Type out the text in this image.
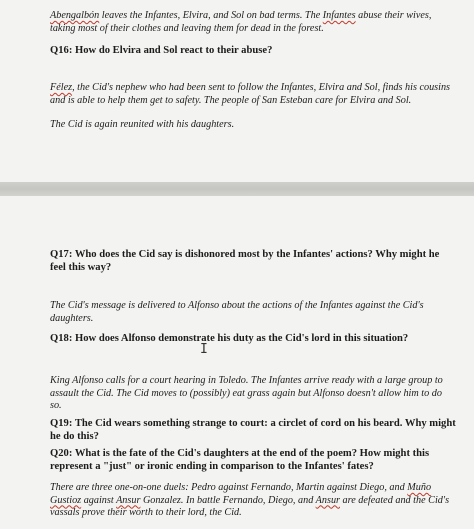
Abengalbón leaves the Infantes, Elvira, and Sol on bad terms. The Infantes abuse their wives, taking most of their clothes and leaving them for dead in the forest.
Q16: How do Elvira and Sol react to their abuse?
Félez, the Cid's nephew who had been sent to follow the Infantes, Elvira and Sol, finds his cousins and is able to help them get to safety. The people of San Esteban care for Elvira and Sol.
The Cid is again reunited with his daughters.
Q17: Who does the Cid say is dishonored most by the Infantes' actions? Why might he feel this way?
The Cid's message is delivered to Alfonso about the actions of the Infantes against the Cid's daughters.
Q18: How does Alfonso demonstrate his duty as the Cid's lord in this situation?
King Alfonso calls for a court hearing in Toledo. The Infantes arrive ready with a large group to assault the Cid. The Cid moves to (possibly) eat grass again but Alfonso doesn't allow him to do so.
Q19: The Cid wears something strange to court: a circlet of cord on his beard. Why might he do this?
Q20: What is the fate of the Cid's daughters at the end of the poem? How might this represent a "just" or ironic ending in comparison to the Infantes' fates?
There are three one-on-one duels: Pedro against Fernando, Martin against Diego, and Muño Gustioz against Ansur Gonzalez. In battle Fernando, Diego, and Ansur are defeated and the Cid's vassals prove their worth to their lord, the Cid.
I
